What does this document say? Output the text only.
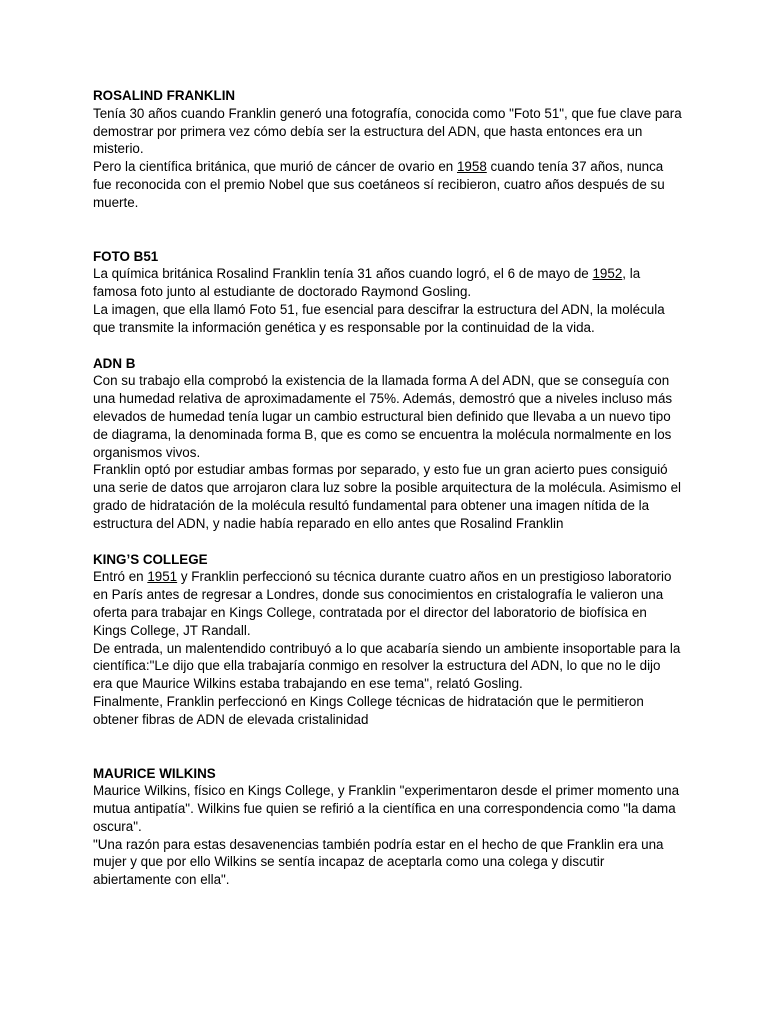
ROSALIND FRANKLIN

Tenía 30 años cuando Franklin generó una fotografía, conocida como "Foto 51", que fue clave para demostrar por primera vez cómo debía ser la estructura del ADN, que hasta entonces era un misterio.

Pero la científica británica, que murió de cáncer de ovario en 1958 cuando tenía 37 años, nunca fue reconocida con el premio Nobel que sus coetáneos sí recibieron, cuatro años después de su muerte.

FOTO B51

La química británica Rosalind Franklin tenía 31 años cuando logró, el 6 de mayo de 1952, la famosa foto junto al estudiante de doctorado Raymond Gosling.

La imagen, que ella llamó Foto 51, fue esencial para descifrar la estructura del ADN, la molécula que transmite la información genética y es responsable por la continuidad de la vida.

ADN B

Con su trabajo ella comprobó la existencia de la llamada forma A del ADN, que se conseguía con una humedad relativa de aproximadamente el 75%. Además, demostró que a niveles incluso más elevados de humedad tenía lugar un cambio estructural bien definido que llevaba a un nuevo tipo de diagrama, la denominada forma B, que es como se encuentra la molécula normalmente en los organismos vivos.

Franklin optó por estudiar ambas formas por separado, y esto fue un gran acierto pues consiguió una serie de datos que arrojaron clara luz sobre la posible arquitectura de la molécula. Asimismo el grado de hidratación de la molécula resultó fundamental para obtener una imagen nítida de la estructura del ADN, y nadie había reparado en ello antes que Rosalind Franklin

KING’S COLLEGE

Entró en 1951 y Franklin perfeccionó su técnica durante cuatro años en un prestigioso laboratorio en París antes de regresar a Londres, donde sus conocimientos en cristalografía le valieron una oferta para trabajar en Kings College, contratada por el director del laboratorio de biofísica en Kings College, JT Randall.

De entrada, un malentendido contribuyó a lo que acabaría siendo un ambiente insoportable para la científica:"Le dijo que ella trabajaría conmigo en resolver la estructura del ADN, lo que no le dijo era que Maurice Wilkins estaba trabajando en ese tema", relató Gosling.

Finalmente, Franklin perfeccionó en Kings College técnicas de hidratación que le permitieron obtener fibras de ADN de elevada cristalinidad

MAURICE WILKINS

Maurice Wilkins, físico en Kings College, y Franklin "experimentaron desde el primer momento una mutua antipatía". Wilkins fue quien se refirió a la científica en una correspondencia como "la dama oscura".

"Una razón para estas desavenencias también podría estar en el hecho de que Franklin era una mujer y que por ello Wilkins se sentía incapaz de aceptarla como una colega y discutir abiertamente con ella".
